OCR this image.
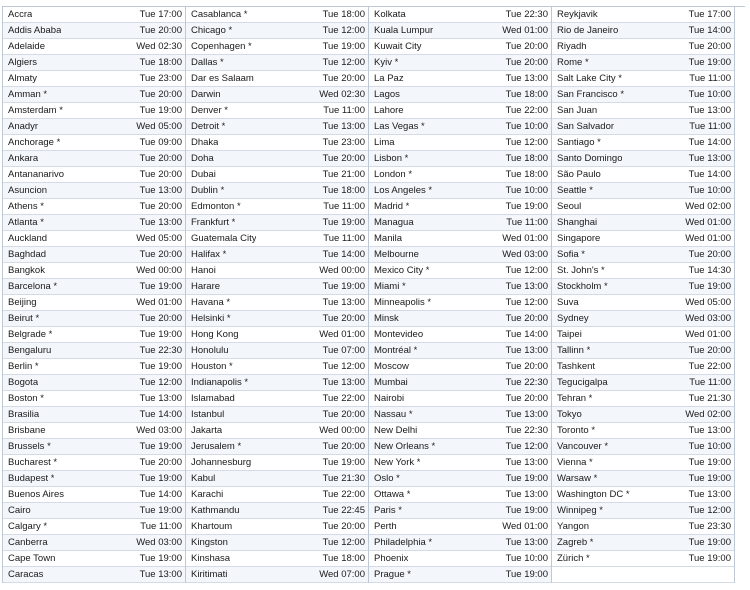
Accra	Tue 17:00
Addis Ababa	Tue 20:00
Adelaide	Wed 02:30
Algiers	Tue 18:00
Almaty	Tue 23:00
Amman *	Tue 20:00
Amsterdam *	Tue 19:00
Anadyr	Wed 05:00
Anchorage *	Tue 09:00
Ankara	Tue 20:00
Antananarivo	Tue 20:00
Asuncion	Tue 13:00
Athens *	Tue 20:00
Atlanta *	Tue 13:00
Auckland	Wed 05:00
Baghdad	Tue 20:00
Bangkok	Wed 00:00
Barcelona *	Tue 19:00
Beijing	Wed 01:00
Beirut *	Tue 20:00
Belgrade *	Tue 19:00
Bengaluru	Tue 22:30
Berlin *	Tue 19:00
Bogota	Tue 12:00
Boston *	Tue 13:00
Brasilia	Tue 14:00
Brisbane	Wed 03:00
Brussels *	Tue 19:00
Bucharest *	Tue 20:00
Budapest *	Tue 19:00
Buenos Aires	Tue 14:00
Cairo	Tue 19:00
Calgary *	Tue 11:00
Canberra	Wed 03:00
Cape Town	Tue 19:00
Caracas	Tue 13:00
Casablanca *	Tue 18:00
Chicago *	Tue 12:00
Copenhagen *	Tue 19:00
Dallas *	Tue 12:00
Dar es Salaam	Tue 20:00
Darwin	Wed 02:30
Denver *	Tue 11:00
Detroit *	Tue 13:00
Dhaka	Tue 23:00
Doha	Tue 20:00
Dubai	Tue 21:00
Dublin *	Tue 18:00
Edmonton *	Tue 11:00
Frankfurt *	Tue 19:00
Guatemala City	Tue 11:00
Halifax *	Tue 14:00
Hanoi	Wed 00:00
Harare	Tue 19:00
Havana *	Tue 13:00
Helsinki *	Tue 20:00
Hong Kong	Wed 01:00
Honolulu	Tue 07:00
Houston *	Tue 12:00
Indianapolis *	Tue 13:00
Islamabad	Tue 22:00
Istanbul	Tue 20:00
Jakarta	Wed 00:00
Jerusalem *	Tue 20:00
Johannesburg	Tue 19:00
Kabul	Tue 21:30
Karachi	Tue 22:00
Kathmandu	Tue 22:45
Khartoum	Tue 20:00
Kingston	Tue 12:00
Kinshasa	Tue 18:00
Kiritimati	Wed 07:00
Kolkata	Tue 22:30
Kuala Lumpur	Wed 01:00
Kuwait City	Tue 20:00
Kyiv *	Tue 20:00
La Paz	Tue 13:00
Lagos	Tue 18:00
Lahore	Tue 22:00
Las Vegas *	Tue 10:00
Lima	Tue 12:00
Lisbon *	Tue 18:00
London *	Tue 18:00
Los Angeles *	Tue 10:00
Madrid *	Tue 19:00
Managua	Tue 11:00
Manila	Wed 01:00
Melbourne	Wed 03:00
Mexico City *	Tue 12:00
Miami *	Tue 13:00
Minneapolis *	Tue 12:00
Minsk	Tue 20:00
Montevideo	Tue 14:00
Montréal *	Tue 13:00
Moscow	Tue 20:00
Mumbai	Tue 22:30
Nairobi	Tue 20:00
Nassau *	Tue 13:00
New Delhi	Tue 22:30
New Orleans *	Tue 12:00
New York *	Tue 13:00
Oslo *	Tue 19:00
Ottawa *	Tue 13:00
Paris *	Tue 19:00
Perth	Wed 01:00
Philadelphia *	Tue 13:00
Phoenix	Tue 10:00
Prague *	Tue 19:00
Reykjavik	Tue 17:00
Rio de Janeiro	Tue 14:00
Riyadh	Tue 20:00
Rome *	Tue 19:00
Salt Lake City *	Tue 11:00
San Francisco *	Tue 10:00
San Juan	Tue 13:00
San Salvador	Tue 11:00
Santiago *	Tue 14:00
Santo Domingo	Tue 13:00
São Paulo	Tue 14:00
Seattle *	Tue 10:00
Seoul	Wed 02:00
Shanghai	Wed 01:00
Singapore	Wed 01:00
Sofia *	Tue 20:00
St. John's *	Tue 14:30
Stockholm *	Tue 19:00
Suva	Wed 05:00
Sydney	Wed 03:00
Taipei	Wed 01:00
Tallinn *	Tue 20:00
Tashkent	Tue 22:00
Tegucigalpa	Tue 11:00
Tehran *	Tue 21:30
Tokyo	Wed 02:00
Toronto *	Tue 13:00
Vancouver *	Tue 10:00
Vienna *	Tue 19:00
Warsaw *	Tue 19:00
Washington DC *	Tue 13:00
Winnipeg *	Tue 12:00
Yangon	Tue 23:30
Zagreb *	Tue 19:00
Zürich *	Tue 19:00
